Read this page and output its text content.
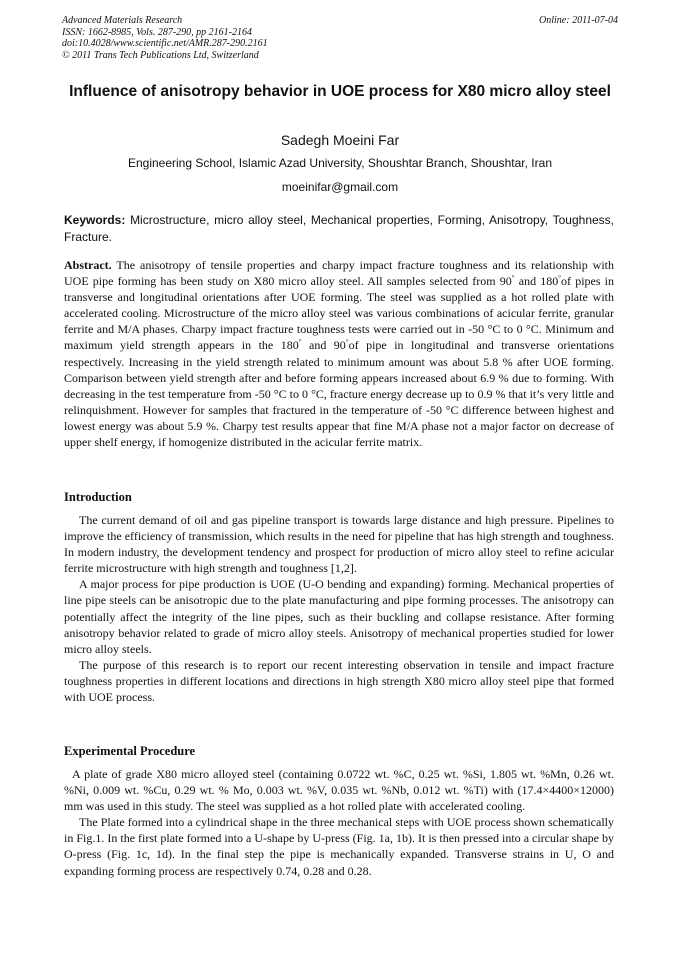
Advanced Materials Research
ISSN: 1662-8985, Vols. 287-290, pp 2161-2164
doi:10.4028/www.scientific.net/AMR.287-290.2161
© 2011 Trans Tech Publications Ltd, Switzerland
Online: 2011-07-04
Influence of anisotropy behavior in UOE process for X80 micro alloy steel
Sadegh Moeini Far
Engineering School, Islamic Azad University, Shoushtar Branch, Shoushtar, Iran
moeinifar@gmail.com
Keywords: Microstructure, micro alloy steel, Mechanical properties, Forming, Anisotropy, Toughness, Fracture.
Abstract. The anisotropy of tensile properties and charpy impact fracture toughness and its relationship with UOE pipe forming has been study on X80 micro alloy steel. All samples selected from 90° and 180°of pipes in transverse and longitudinal orientations after UOE forming. The steel was supplied as a hot rolled plate with accelerated cooling. Microstructure of the micro alloy steel was various combinations of acicular ferrite, granular ferrite and M/A phases. Charpy impact fracture toughness tests were carried out in -50 °C to 0 °C. Minimum and maximum yield strength appears in the 180° and 90°of pipe in longitudinal and transverse orientations respectively. Increasing in the yield strength related to minimum amount was about 5.8 % after UOE forming. Comparison between yield strength after and before forming appears increased about 6.9 % due to forming. With decreasing in the test temperature from -50 °C to 0 °C, fracture energy decrease up to 0.9 % that it’s very little and relinquishment. However for samples that fractured in the temperature of -50 °C difference between highest and lowest energy was about 5.9 %. Charpy test results appear that fine M/A phase not a major factor on decrease of upper shelf energy, if homogenize distributed in the acicular ferrite matrix.
Introduction

The current demand of oil and gas pipeline transport is towards large distance and high pressure. Pipelines to improve the efficiency of transmission, which results in the need for pipeline that has high strength and toughness. In modern industry, the development tendency and prospect for production of micro alloy steel to refine acicular ferrite microstructure with high strength and toughness [1,2].

A major process for pipe production is UOE (U-O bending and expanding) forming. Mechanical properties of line pipe steels can be anisotropic due to the plate manufacturing and pipe forming processes. The anisotropy can potentially affect the integrity of the line pipes, such as their buckling and collapse resistance. After forming anisotropy behavior related to grade of micro alloy steels. Anisotropy of mechanical properties studied for lower micro alloy steels.

The purpose of this research is to report our recent interesting observation in tensile and impact fracture toughness properties in different locations and directions in high strength X80 micro alloy steel pipe that formed with UOE process.

Experimental Procedure

A plate of grade X80 micro alloyed steel (containing 0.0722 wt. %C, 0.25 wt. %Si, 1.805 wt. %Mn, 0.26 wt. %Ni, 0.009 wt. %Cu, 0.29 wt. % Mo, 0.003 wt. %V, 0.035 wt. %Nb, 0.012 wt. %Ti) with (17.4×4400×12000) mm was used in this study. The steel was supplied as a hot rolled plate with accelerated cooling.

The Plate formed into a cylindrical shape in the three mechanical steps with UOE process shown schematically in Fig.1. In the first plate formed into a U-shape by U-press (Fig. 1a, 1b). It is then pressed into a circular shape by O-press (Fig. 1c, 1d). In the final step the pipe is mechanically expanded. Transverse strains in U, O and expanding forming process are respectively 0.74, 0.28 and 0.28.
